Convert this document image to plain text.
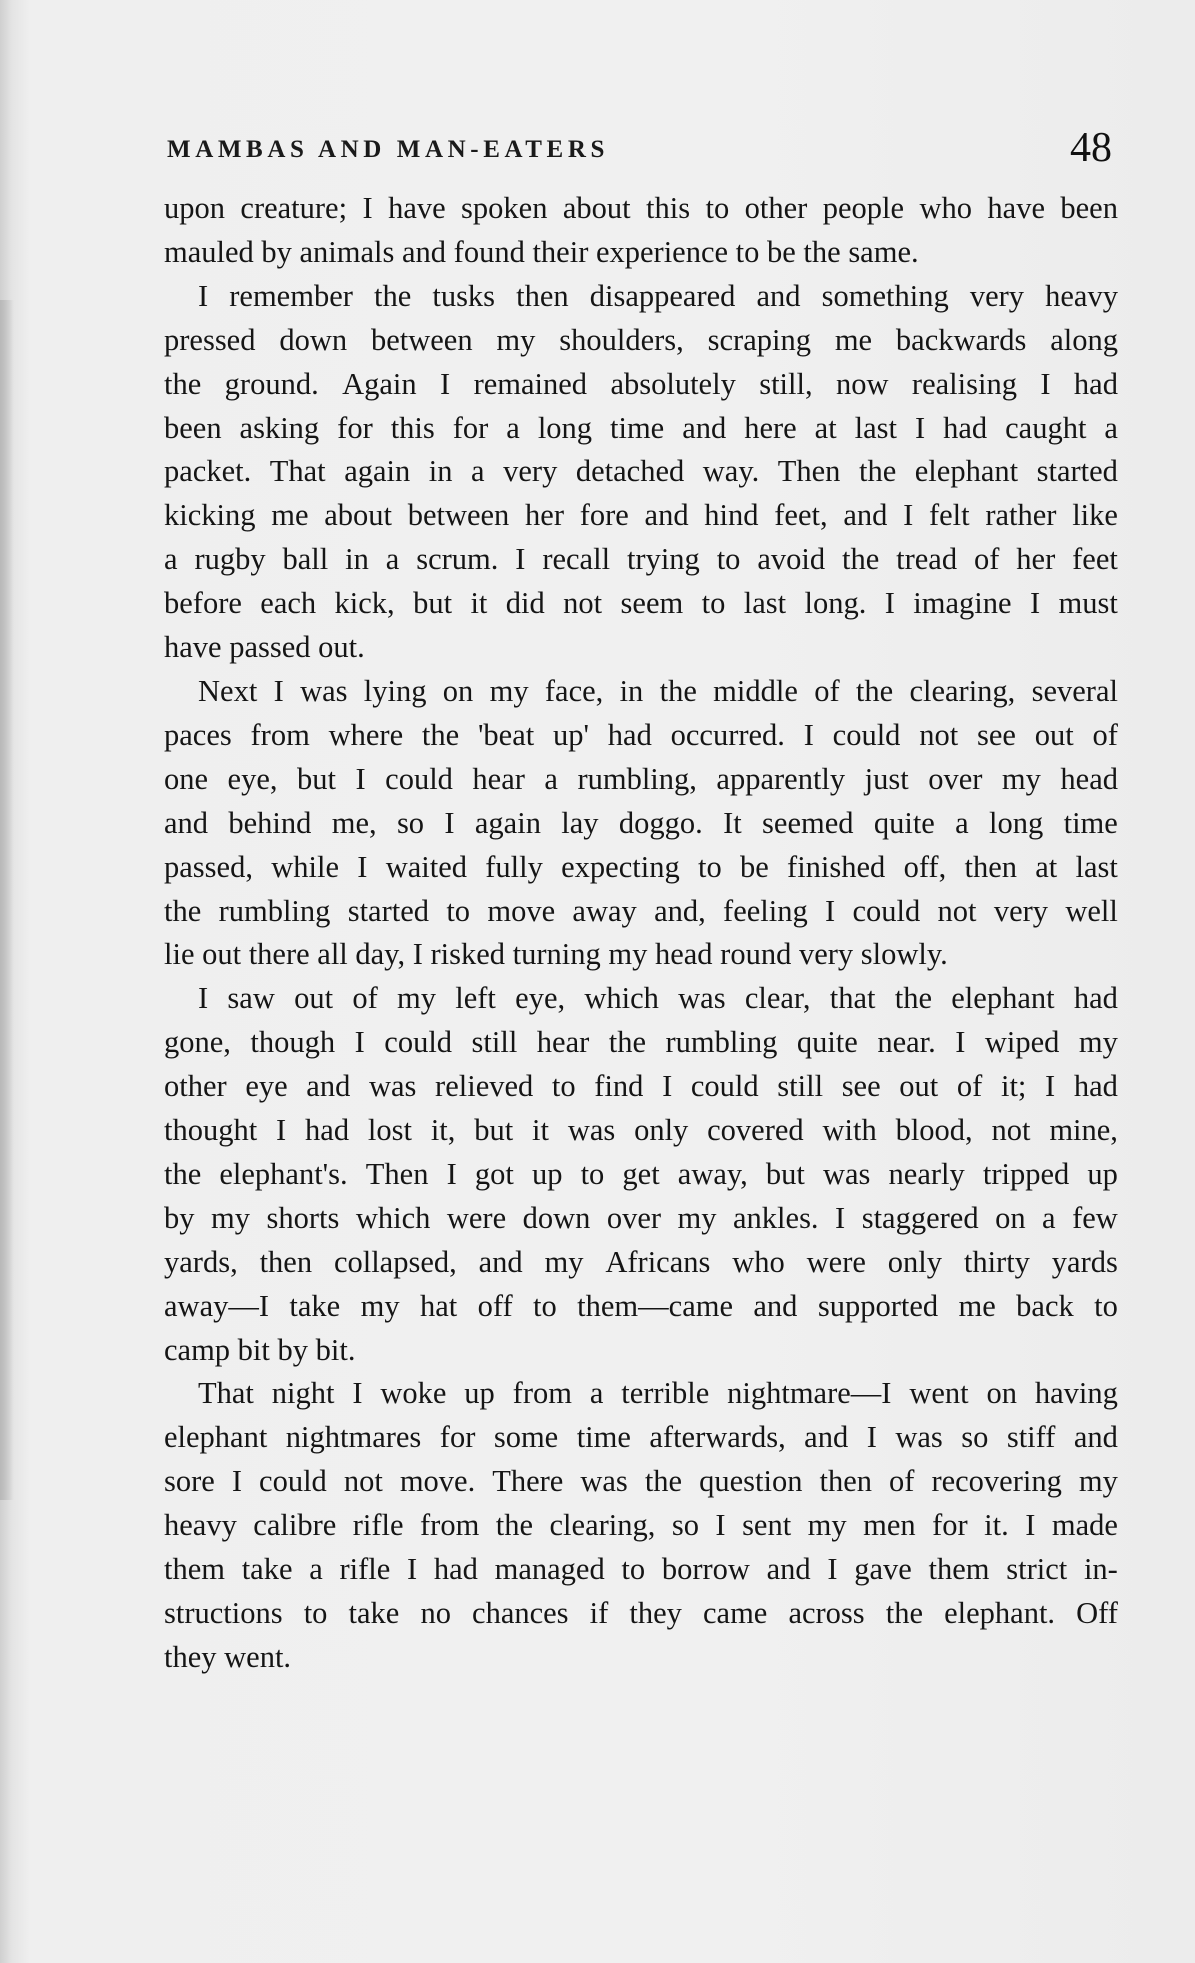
MAMBAS AND MAN-EATERS	48
upon creature; I have spoken about this to other people who have been
mauled by animals and found their experience to be the same.
I remember the tusks then disappeared and something very heavy
pressed down between my shoulders, scraping me backwards along
the ground. Again I remained absolutely still, now realising I had
been asking for this for a long time and here at last I had caught a
packet. That again in a very detached way. Then the elephant started
kicking me about between her fore and hind feet, and I felt rather like
a rugby ball in a scrum. I recall trying to avoid the tread of her feet
before each kick, but it did not seem to last long. I imagine I must
have passed out.
Next I was lying on my face, in the middle of the clearing, several
paces from where the 'beat up' had occurred. I could not see out of
one eye, but I could hear a rumbling, apparently just over my head
and behind me, so I again lay doggo. It seemed quite a long time
passed, while I waited fully expecting to be finished off, then at last
the rumbling started to move away and, feeling I could not very well
lie out there all day, I risked turning my head round very slowly.
I saw out of my left eye, which was clear, that the elephant had
gone, though I could still hear the rumbling quite near. I wiped my
other eye and was relieved to find I could still see out of it; I had
thought I had lost it, but it was only covered with blood, not mine,
the elephant's. Then I got up to get away, but was nearly tripped up
by my shorts which were down over my ankles. I staggered on a few
yards, then collapsed, and my Africans who were only thirty yards
away—I take my hat off to them—came and supported me back to
camp bit by bit.
That night I woke up from a terrible nightmare—I went on having
elephant nightmares for some time afterwards, and I was so stiff and
sore I could not move. There was the question then of recovering my
heavy calibre rifle from the clearing, so I sent my men for it. I made
them take a rifle I had managed to borrow and I gave them strict in-
structions to take no chances if they came across the elephant. Off
they went.
